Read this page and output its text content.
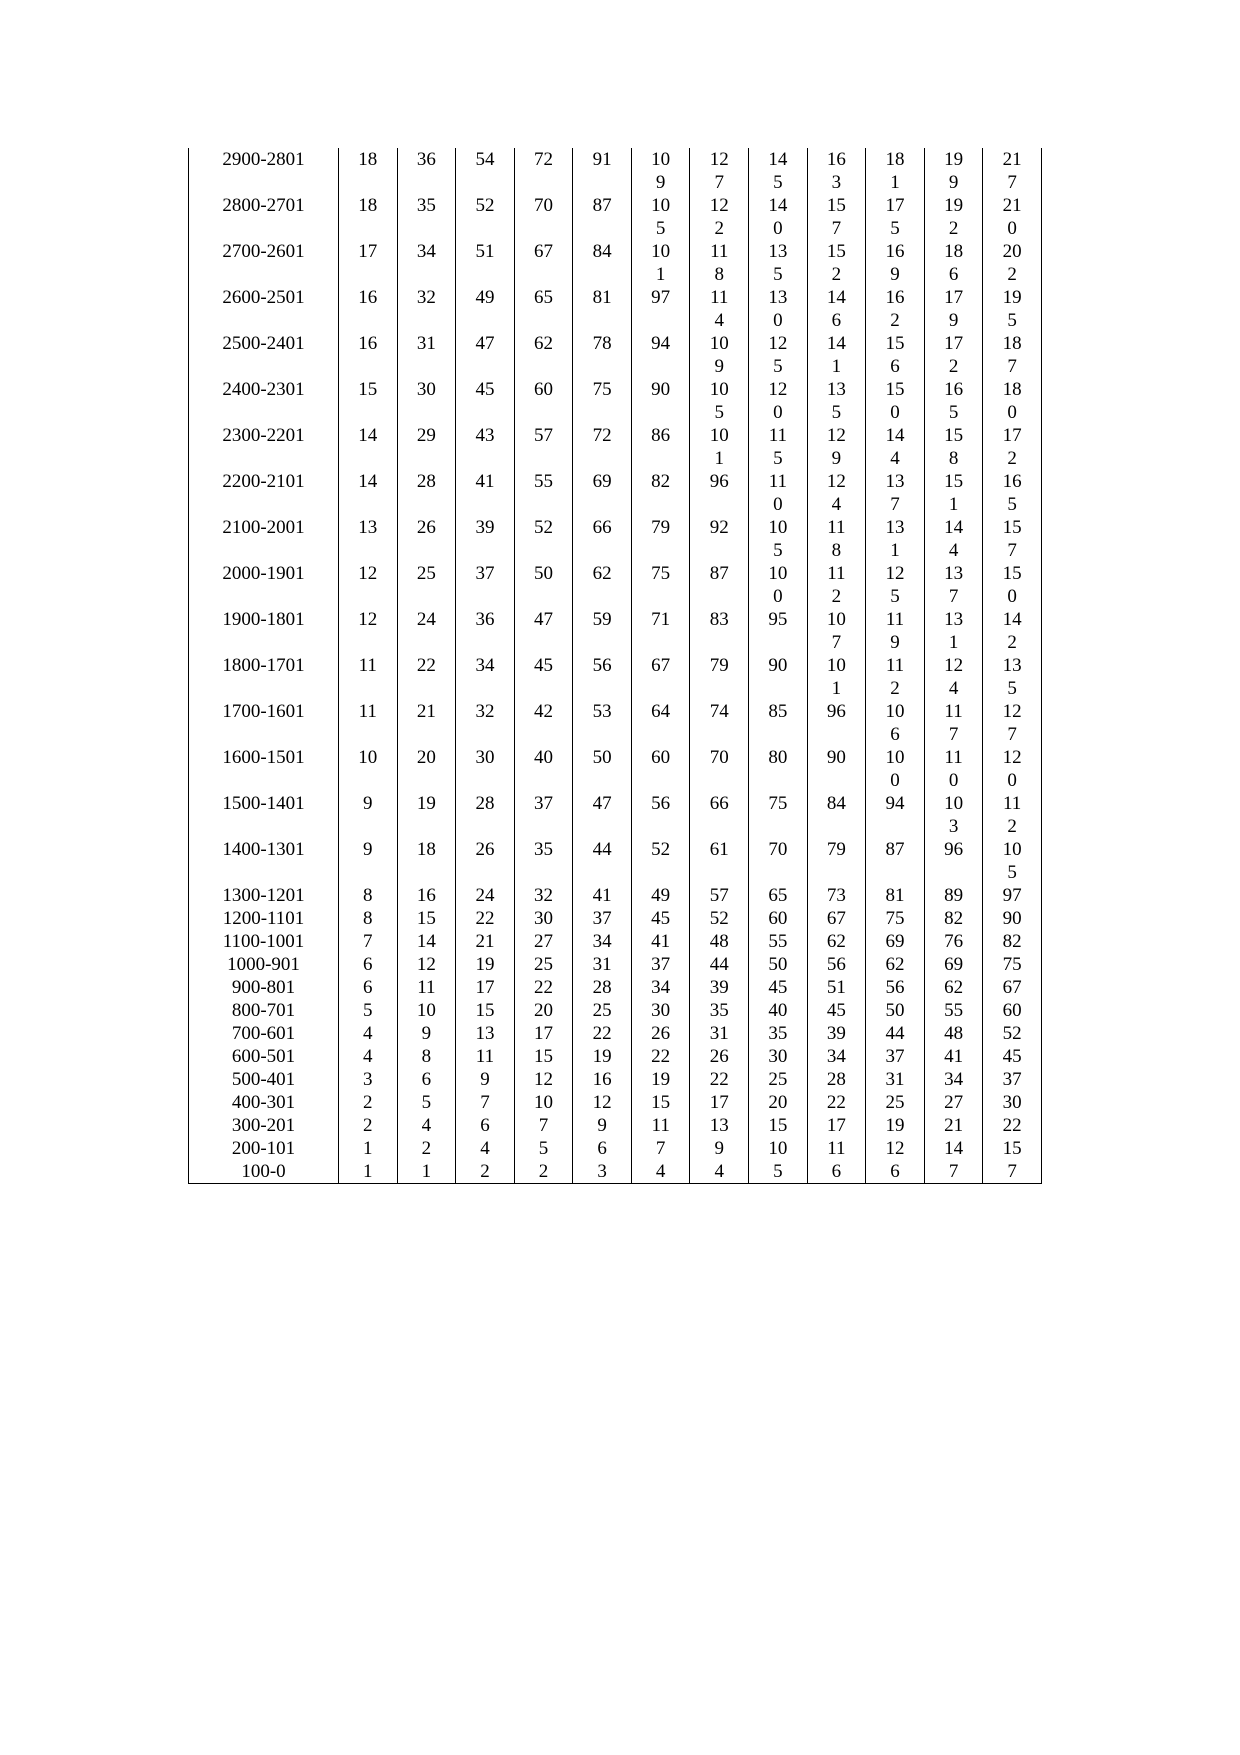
2900-2801	18	36	54	72	91	109	127	145	163	181	199	217
2800-2701	18	35	52	70	87	105	122	140	157	175	192	210
2700-2601	17	34	51	67	84	101	118	135	152	169	186	202
2600-2501	16	32	49	65	81	97	114	130	146	162	179	195
2500-2401	16	31	47	62	78	94	109	125	141	156	172	187
2400-2301	15	30	45	60	75	90	105	120	135	150	165	180
2300-2201	14	29	43	57	72	86	101	115	129	144	158	172
2200-2101	14	28	41	55	69	82	96	110	124	137	151	165
2100-2001	13	26	39	52	66	79	92	105	118	131	144	157
2000-1901	12	25	37	50	62	75	87	100	112	125	137	150
1900-1801	12	24	36	47	59	71	83	95	107	119	131	142
1800-1701	11	22	34	45	56	67	79	90	101	112	124	135
1700-1601	11	21	32	42	53	64	74	85	96	106	117	127
1600-1501	10	20	30	40	50	60	70	80	90	100	110	120
1500-1401	9	19	28	37	47	56	66	75	84	94	103	112
1400-1301	9	18	26	35	44	52	61	70	79	87	96	105
1300-1201	8	16	24	32	41	49	57	65	73	81	89	97
1200-1101	8	15	22	30	37	45	52	60	67	75	82	90
1100-1001	7	14	21	27	34	41	48	55	62	69	76	82
1000-901	6	12	19	25	31	37	44	50	56	62	69	75
900-801	6	11	17	22	28	34	39	45	51	56	62	67
800-701	5	10	15	20	25	30	35	40	45	50	55	60
700-601	4	9	13	17	22	26	31	35	39	44	48	52
600-501	4	8	11	15	19	22	26	30	34	37	41	45
500-401	3	6	9	12	16	19	22	25	28	31	34	37
400-301	2	5	7	10	12	15	17	20	22	25	27	30
300-201	2	4	6	7	9	11	13	15	17	19	21	22
200-101	1	2	4	5	6	7	9	10	11	12	14	15
100-0	1	1	2	2	3	4	4	5	6	6	7	7
